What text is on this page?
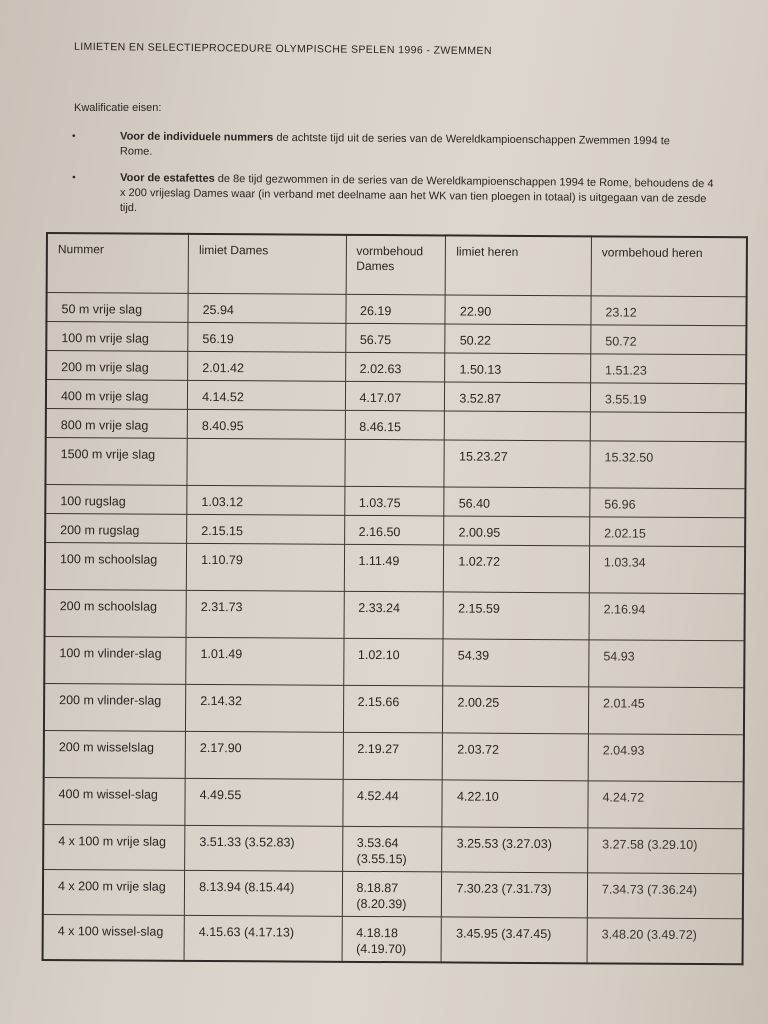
LIMIETEN EN SELECTIEPROCEDURE OLYMPISCHE SPELEN 1996 - ZWEMMEN
Kwalificatie eisen:
•	Voor de individuele nummers de achtste tijd uit de series van de Wereldkampioenschappen Zwemmen 1994 te Rome.
•	Voor de estafettes de 8e tijd gezwommen in de series van de Wereldkampioenschappen 1994 te Rome, behoudens de 4 x 200 vrijeslag Dames waar (in verband met deelname aan het WK van tien ploegen in totaal) is uitgegaan van de zesde tijd.
Nummer	limiet Dames	vormbehoud Dames	limiet heren	vormbehoud heren
50 m vrije slag	25.94	26.19	22.90	23.12
100 m vrije slag	56.19	56.75	50.22	50.72
200 m vrije slag	2.01.42	2.02.63	1.50.13	1.51.23
400 m vrije slag	4.14.52	4.17.07	3.52.87	3.55.19
800 m vrije slag	8.40.95	8.46.15		
1500 m vrije slag			15.23.27	15.32.50
100 rugslag	1.03.12	1.03.75	56.40	56.96
200 m rugslag	2.15.15	2.16.50	2.00.95	2.02.15
100 m schoolslag	1.10.79	1.11.49	1.02.72	1.03.34
200 m schoolslag	2.31.73	2.33.24	2.15.59	2.16.94
100 m vlinder-slag	1.01.49	1.02.10	54.39	54.93
200 m vlinder-slag	2.14.32	2.15.66	2.00.25	2.01.45
200 m wisselslag	2.17.90	2.19.27	2.03.72	2.04.93
400 m wissel-slag	4.49.55	4.52.44	4.22.10	4.24.72
4 x 100 m vrije slag	3.51.33 (3.52.83)	3.53.64 (3.55.15)	3.25.53 (3.27.03)	3.27.58 (3.29.10)
4 x 200 m vrije slag	8.13.94 (8.15.44)	8.18.87 (8.20.39)	7.30.23 (7.31.73)	7.34.73 (7.36.24)
4 x 100 wissel-slag	4.15.63 (4.17.13)	4.18.18 (4.19.70)	3.45.95 (3.47.45)	3.48.20 (3.49.72)
